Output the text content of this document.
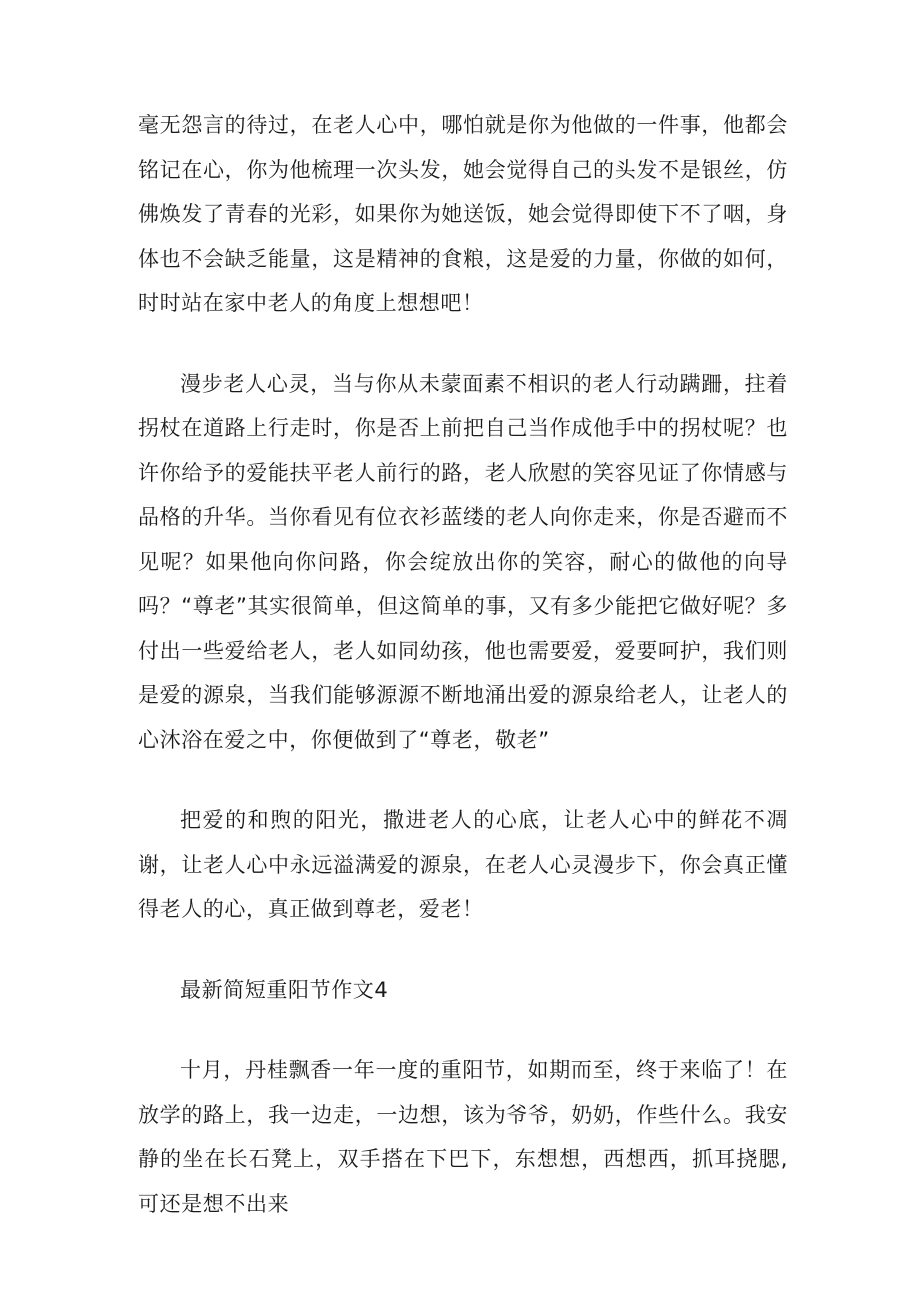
毫无怨言的待过，在老人心中，哪怕就是你为他做的一件事，他都会铭记在心，你为他梳理一次头发，她会觉得自己的头发不是银丝，仿佛焕发了青春的光彩，如果你为她送饭，她会觉得即使下不了咽，身体也不会缺乏能量，这是精神的食粮，这是爱的力量，你做的如何，时时站在家中老人的角度上想想吧！

漫步老人心灵，当与你从未蒙面素不相识的老人行动蹒跚，拄着拐杖在道路上行走时，你是否上前把自己当作成他手中的拐杖呢？也许你给予的爱能扶平老人前行的路，老人欣慰的笑容见证了你情感与品格的升华。当你看见有位衣衫蓝缕的老人向你走来，你是否避而不见呢？如果他向你问路，你会绽放出你的笑容，耐心的做他的向导吗？“尊老”其实很简单，但这简单的事，又有多少能把它做好呢？多付出一些爱给老人，老人如同幼孩，他也需要爱，爱要呵护，我们则是爱的源泉，当我们能够源源不断地涌出爱的源泉给老人，让老人的心沐浴在爱之中，你便做到了“尊老，敬老”

把爱的和煦的阳光，撒进老人的心底，让老人心中的鲜花不凋谢，让老人心中永远溢满爱的源泉，在老人心灵漫步下，你会真正懂得老人的心，真正做到尊老，爱老！

最新简短重阳节作文4

十月，丹桂飘香一年一度的重阳节，如期而至，终于来临了！在放学的路上，我一边走，一边想，该为爷爷，奶奶，作些什么。我安静的坐在长石凳上，双手搭在下巴下，东想想，西想西，抓耳挠腮,可还是想不出来
